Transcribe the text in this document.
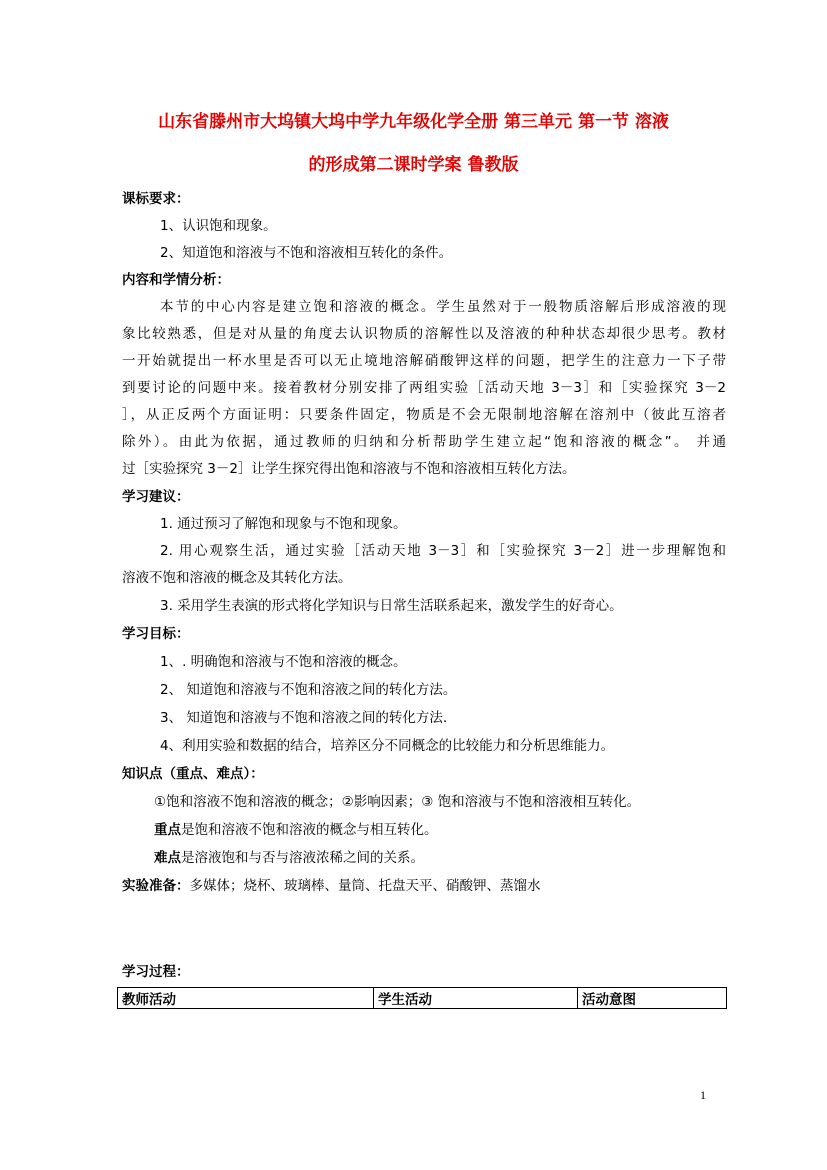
山东省滕州市大坞镇大坞中学九年级化学全册 第三单元 第一节 溶液
的形成第二课时学案 鲁教版
课标要求：
1、认识饱和现象。
2、知道饱和溶液与不饱和溶液相互转化的条件。
内容和学情分析：
本节的中心内容是建立饱和溶液的概念。学生虽然对于一般物质溶解后形成溶液的现
象比较熟悉，但是对从量的角度去认识物质的溶解性以及溶液的种种状态却很少思考。教材
一开始就提出一杯水里是否可以无止境地溶解硝酸钾这样的问题，把学生的注意力一下子带
到要讨论的问题中来。接着教材分别安排了两组实验［活动天地 3－3］和［实验探究 3－2
］，从正反两个方面证明：只要条件固定，物质是不会无限制地溶解在溶剂中（彼此互溶者
除外）。由此为依据，通过教师的归纳和分析帮助学生建立起“饱和溶液的概念”。 并通
过［实验探究 3－2］让学生探究得出饱和溶液与不饱和溶液相互转化方法。
学习建议：
1. 通过预习了解饱和现象与不饱和现象。
2. 用心观察生活，通过实验［活动天地 3－3］和［实验探究 3－2］进一步理解饱和
溶液不饱和溶液的概念及其转化方法。
3. 采用学生表演的形式将化学知识与日常生活联系起来，激发学生的好奇心。
学习目标：
1、. 明确饱和溶液与不饱和溶液的概念。
2、 知道饱和溶液与不饱和溶液之间的转化方法。
3、 知道饱和溶液与不饱和溶液之间的转化方法.
4、利用实验和数据的结合，培养区分不同概念的比较能力和分析思维能力。
知识点（重点、难点）：
①饱和溶液不饱和溶液的概念；②影响因素；③ 饱和溶液与不饱和溶液相互转化。
重点是饱和溶液不饱和溶液的概念与相互转化。
难点是溶液饱和与否与溶液浓稀之间的关系。
实验准备：多媒体；烧杯、玻璃棒、量筒、托盘天平、硝酸钾、蒸馏水
学习过程：
教师活动	学生活动	活动意图
1
